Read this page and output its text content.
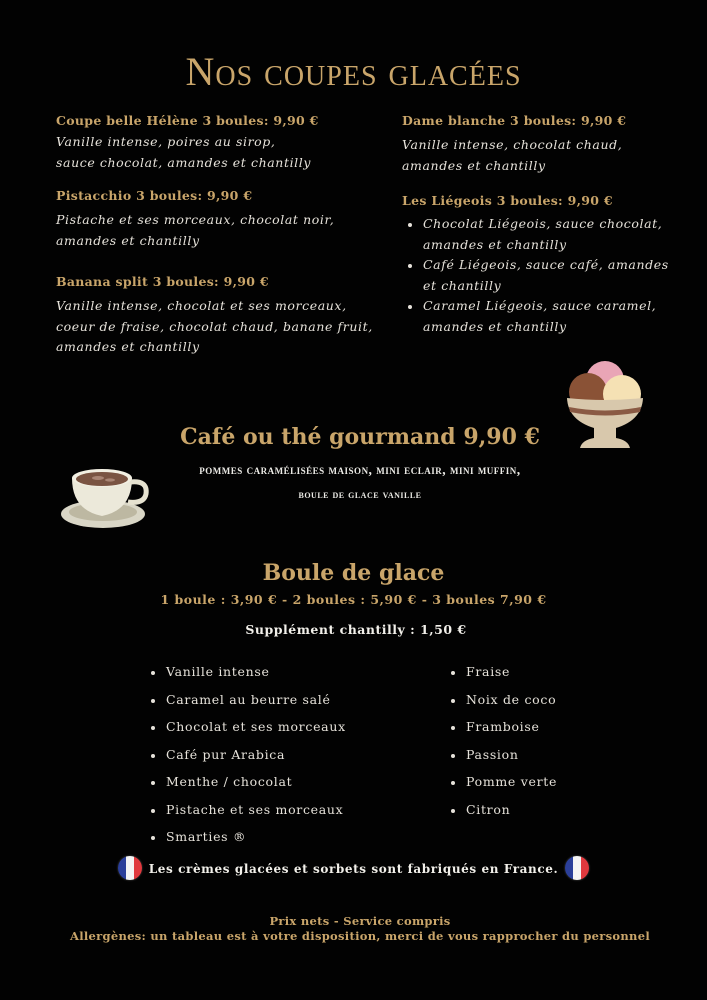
Nos coupes glacées
Coupe belle Hélène 3 boules: 9,90 €
Vanille intense, poires au sirop,
sauce chocolat, amandes et chantilly
Pistacchio 3 boules: 9,90 €
Pistache et ses morceaux, chocolat noir,
amandes et chantilly
Banana split 3 boules: 9,90 €
Vanille intense, chocolat et ses morceaux,
coeur de fraise, chocolat chaud, banane fruit,
amandes et chantilly
Dame blanche 3 boules: 9,90 €
Vanille intense, chocolat chaud,
amandes et chantilly
Les Liégeois 3 boules: 9,90 €
Chocolat Liégeois, sauce chocolat,
amandes et chantilly
Café Liégeois, sauce café, amandes
et chantilly
Caramel Liégeois, sauce caramel,
amandes et chantilly
Café ou thé gourmand 9,90 €
pommes caramélisées maison, mini eclair, mini muffin,
boule de glace vanille
Boule de glace
1 boule : 3,90 € - 2 boules : 5,90 € - 3 boules 7,90 €
Supplément chantilly : 1,50 €
Vanille intense
Caramel au beurre salé
Chocolat et ses morceaux
Café pur Arabica
Menthe / chocolat
Pistache et ses morceaux
Smarties ®
Fraise
Noix de coco
Framboise
Passion
Pomme verte
Citron
Les crèmes glacées et sorbets sont fabriqués en France.
Prix nets - Service compris
Allergènes: un tableau est à votre disposition, merci de vous rapprocher du personnel
